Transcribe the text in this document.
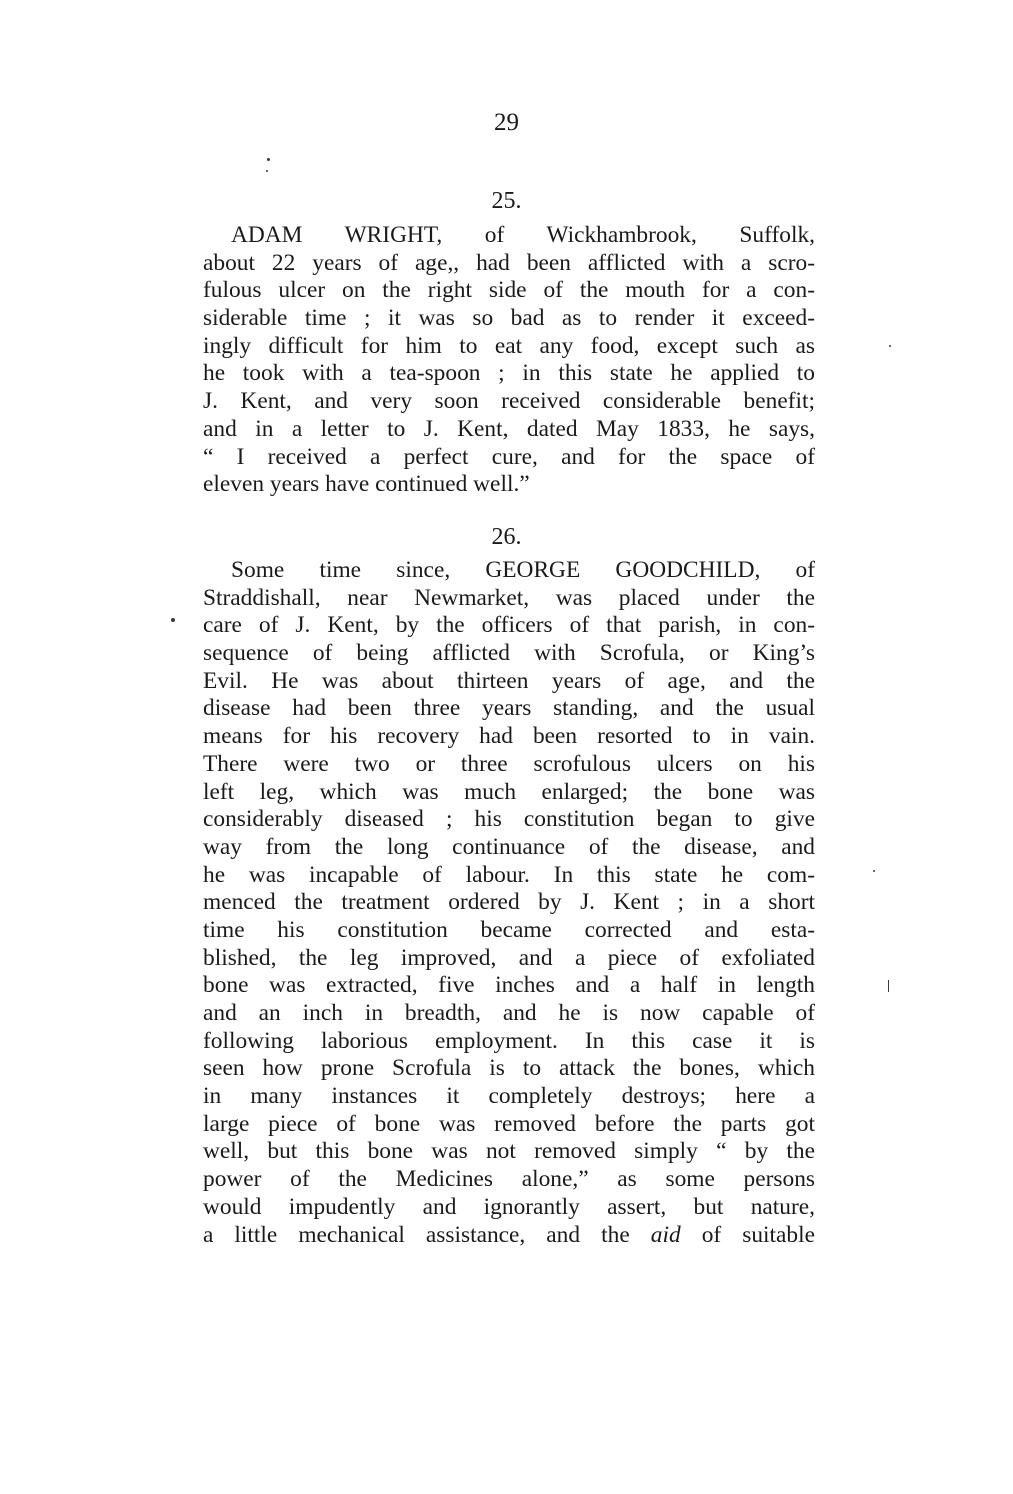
29
25.
ADAM WRIGHT, of Wickhambrook, Suffolk,
about 22 years of age,, had been afflicted with a scro-
fulous ulcer on the right side of the mouth for a con-
siderable time ; it was so bad as to render it exceed-
ingly difficult for him to eat any food, except such as
he took with a tea-spoon ; in this state he applied to
J. Kent, and very soon received considerable benefit;
and in a letter to J. Kent, dated May 1833, he says,
“ I received a perfect cure, and for the space of
eleven years have continued well.”
26.
Some time since, GEORGE GOODCHILD, of
Straddishall, near Newmarket, was placed under the
care of J. Kent, by the officers of that parish, in con-
sequence of being afflicted with Scrofula, or King’s
Evil. He was about thirteen years of age, and the
disease had been three years standing, and the usual
means for his recovery had been resorted to in vain.
There were two or three scrofulous ulcers on his
left leg, which was much enlarged; the bone was
considerably diseased ; his constitution began to give
way from the long continuance of the disease, and
he was incapable of labour. In this state he com-
menced the treatment ordered by J. Kent ; in a short
time his constitution became corrected and esta-
blished, the leg improved, and a piece of exfoliated
bone was extracted, five inches and a half in length
and an inch in breadth, and he is now capable of
following laborious employment. In this case it is
seen how prone Scrofula is to attack the bones, which
in many instances it completely destroys; here a
large piece of bone was removed before the parts got
well, but this bone was not removed simply “ by the
power of the Medicines alone,” as some persons
would impudently and ignorantly assert, but nature,
a little mechanical assistance, and the aid of suitable
